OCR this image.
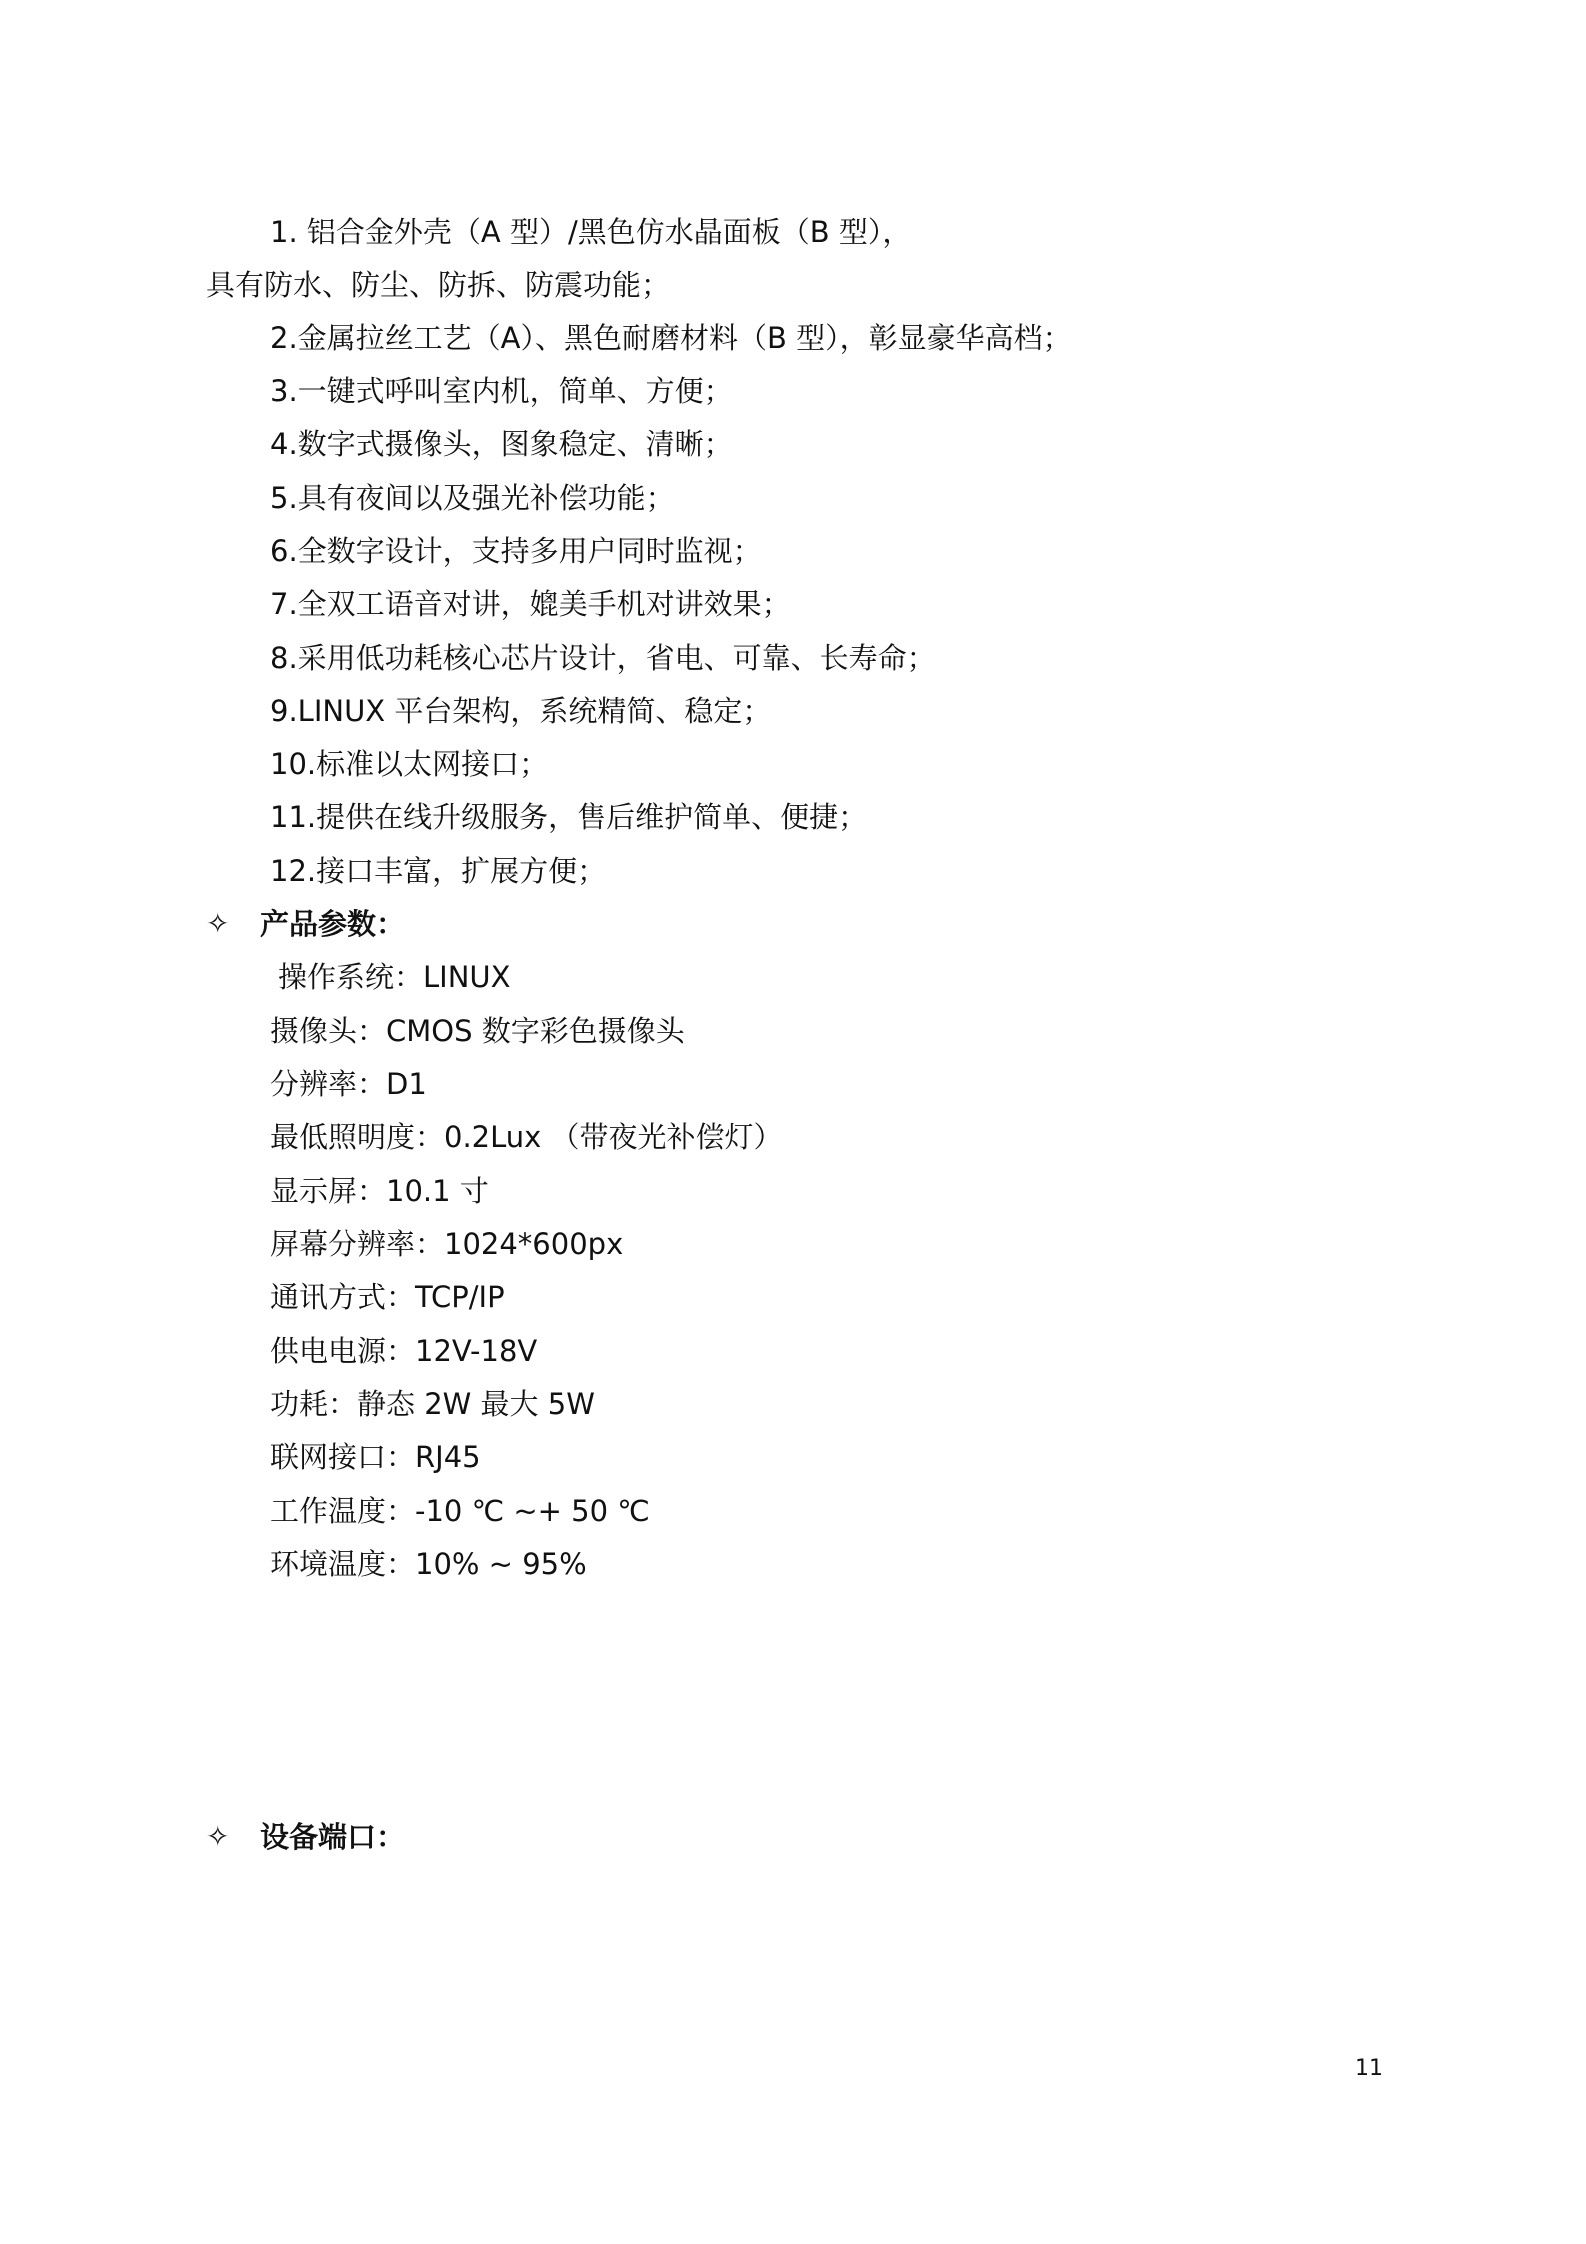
1. 铝合金外壳（A 型）/黑色仿水晶面板（B 型），
具有防水、防尘、防拆、防震功能；
2.金属拉丝工艺（A）、黑色耐磨材料（B 型），彰显豪华高档；
3.一键式呼叫室内机，简单、方便；
4.数字式摄像头，图象稳定、清晰；
5.具有夜间以及强光补偿功能；
6.全数字设计，支持多用户同时监视；
7.全双工语音对讲，媲美手机对讲效果；
8.采用低功耗核心芯片设计，省电、可靠、长寿命；
9.LINUX 平台架构，系统精简、稳定；
10.标准以太网接口；
11.提供在线升级服务，售后维护简单、便捷；
12.接口丰富，扩展方便；
✧ 产品参数：
操作系统：LINUX
摄像头：CMOS 数字彩色摄像头
分辨率：D1
最低照明度：0.2Lux （带夜光补偿灯）
显示屏：10.1 寸
屏幕分辨率：1024*600px
通讯方式：TCP/IP
供电电源：12V-18V
功耗：静态 2W 最大 5W
联网接口：RJ45
工作温度：-10 ℃ ~+ 50 ℃
环境温度：10% ~ 95%
✧ 设备端口：
11
